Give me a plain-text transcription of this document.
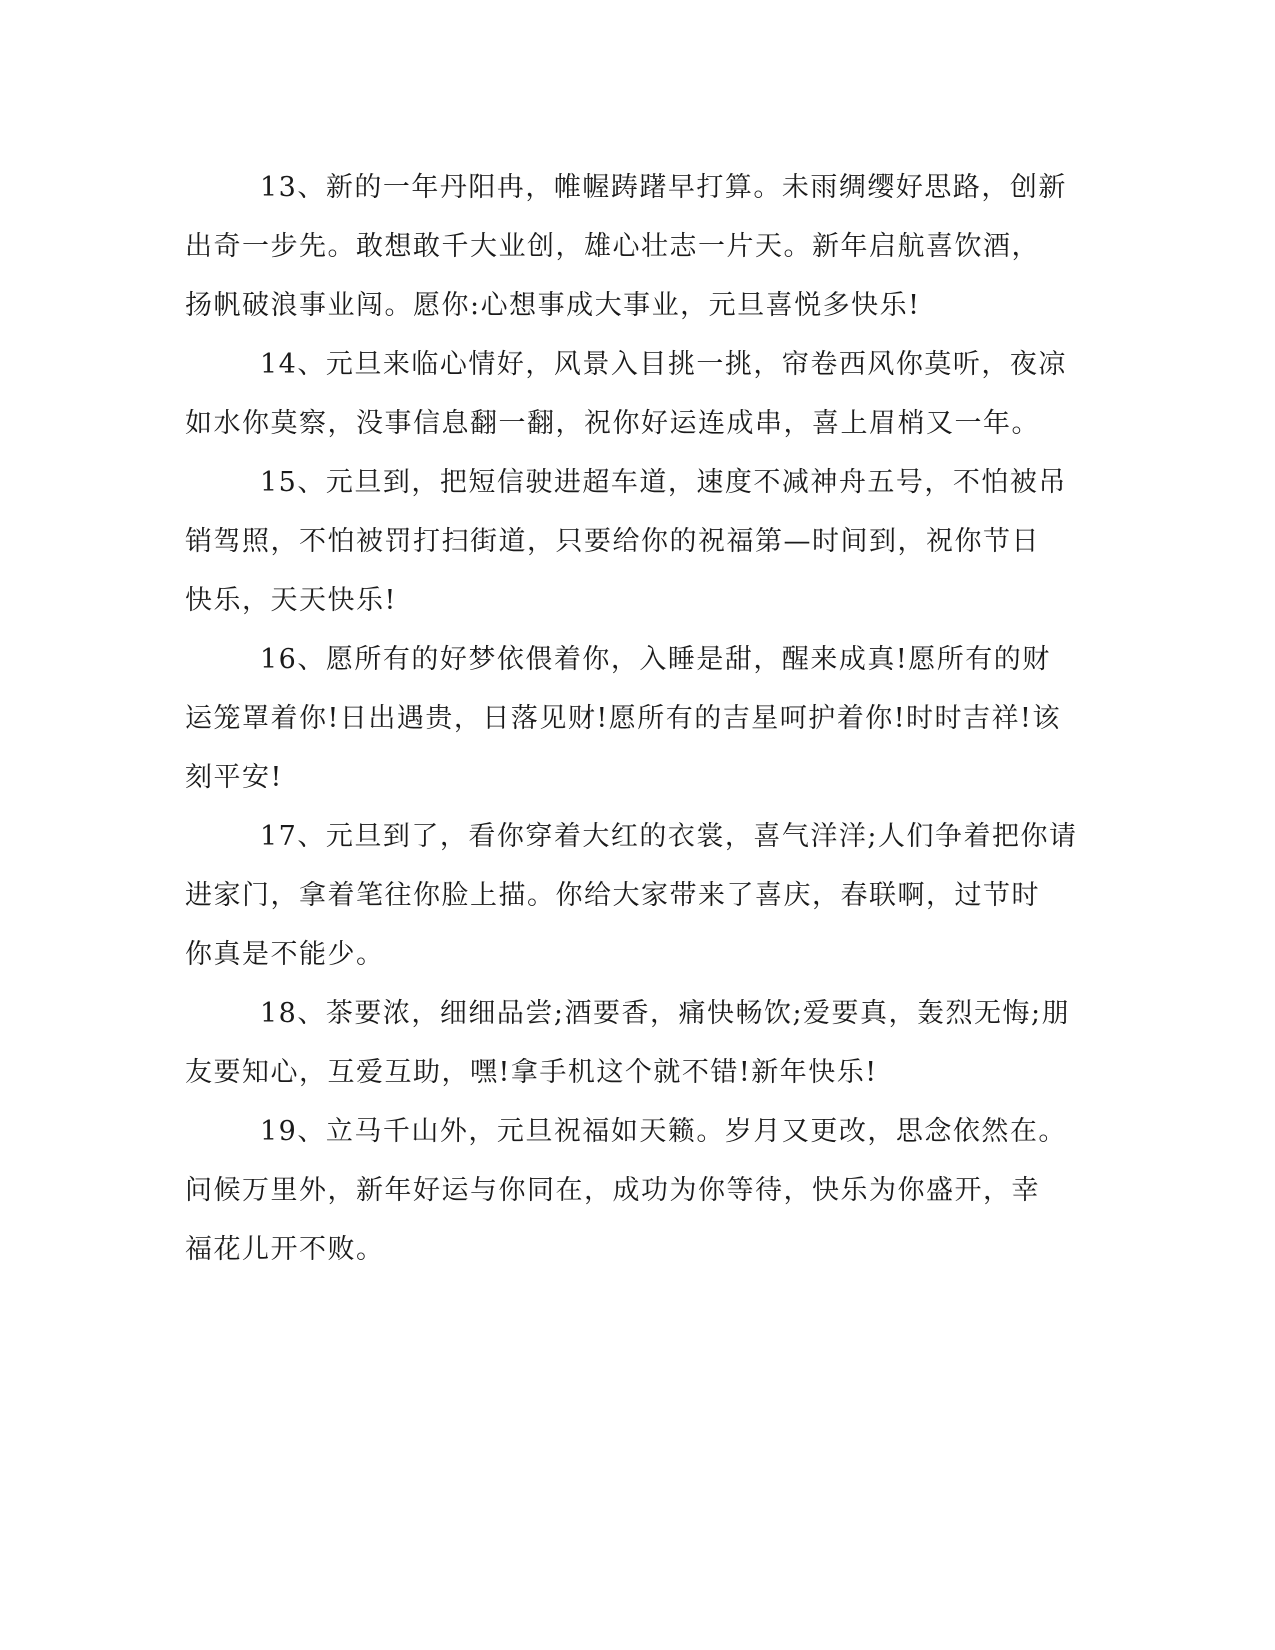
13、新的一年丹阳冉，帷幄踌躇早打算。未雨绸缨好思路，创新
出奇一步先。敢想敢千大业创，雄心壮志一片天。新年启航喜饮酒，
扬帆破浪事业闯。愿你:心想事成大事业，元旦喜悦多快乐!

14、元旦来临心情好，风景入目挑一挑，帘卷西风你莫听，夜凉
如水你莫察，没事信息翻一翻，祝你好运连成串，喜上眉梢又一年。

15、元旦到，把短信驶进超车道，速度不减神舟五号，不怕被吊
销驾照，不怕被罚打扫街道，只要给你的祝福第—时间到，祝你节日
快乐，天天快乐!

16、愿所有的好梦依偎着你，入睡是甜，醒来成真!愿所有的财
运笼罩着你!日出遇贵，日落见财!愿所有的吉星呵护着你!时时吉祥!该
刻平安!

17、元旦到了，看你穿着大红的衣裳，喜气洋洋;人们争着把你请
进家门，拿着笔往你脸上描。你给大家带来了喜庆，春联啊，过节时
你真是不能少。

18、茶要浓，细细品尝;酒要香，痛快畅饮;爱要真，轰烈无悔;朋
友要知心，互爱互助，嘿!拿手机这个就不错!新年快乐!

19、立马千山外，元旦祝福如天籁。岁月又更改，思念依然在。
问候万里外，新年好运与你同在，成功为你等待，快乐为你盛开，幸
福花儿开不败。
